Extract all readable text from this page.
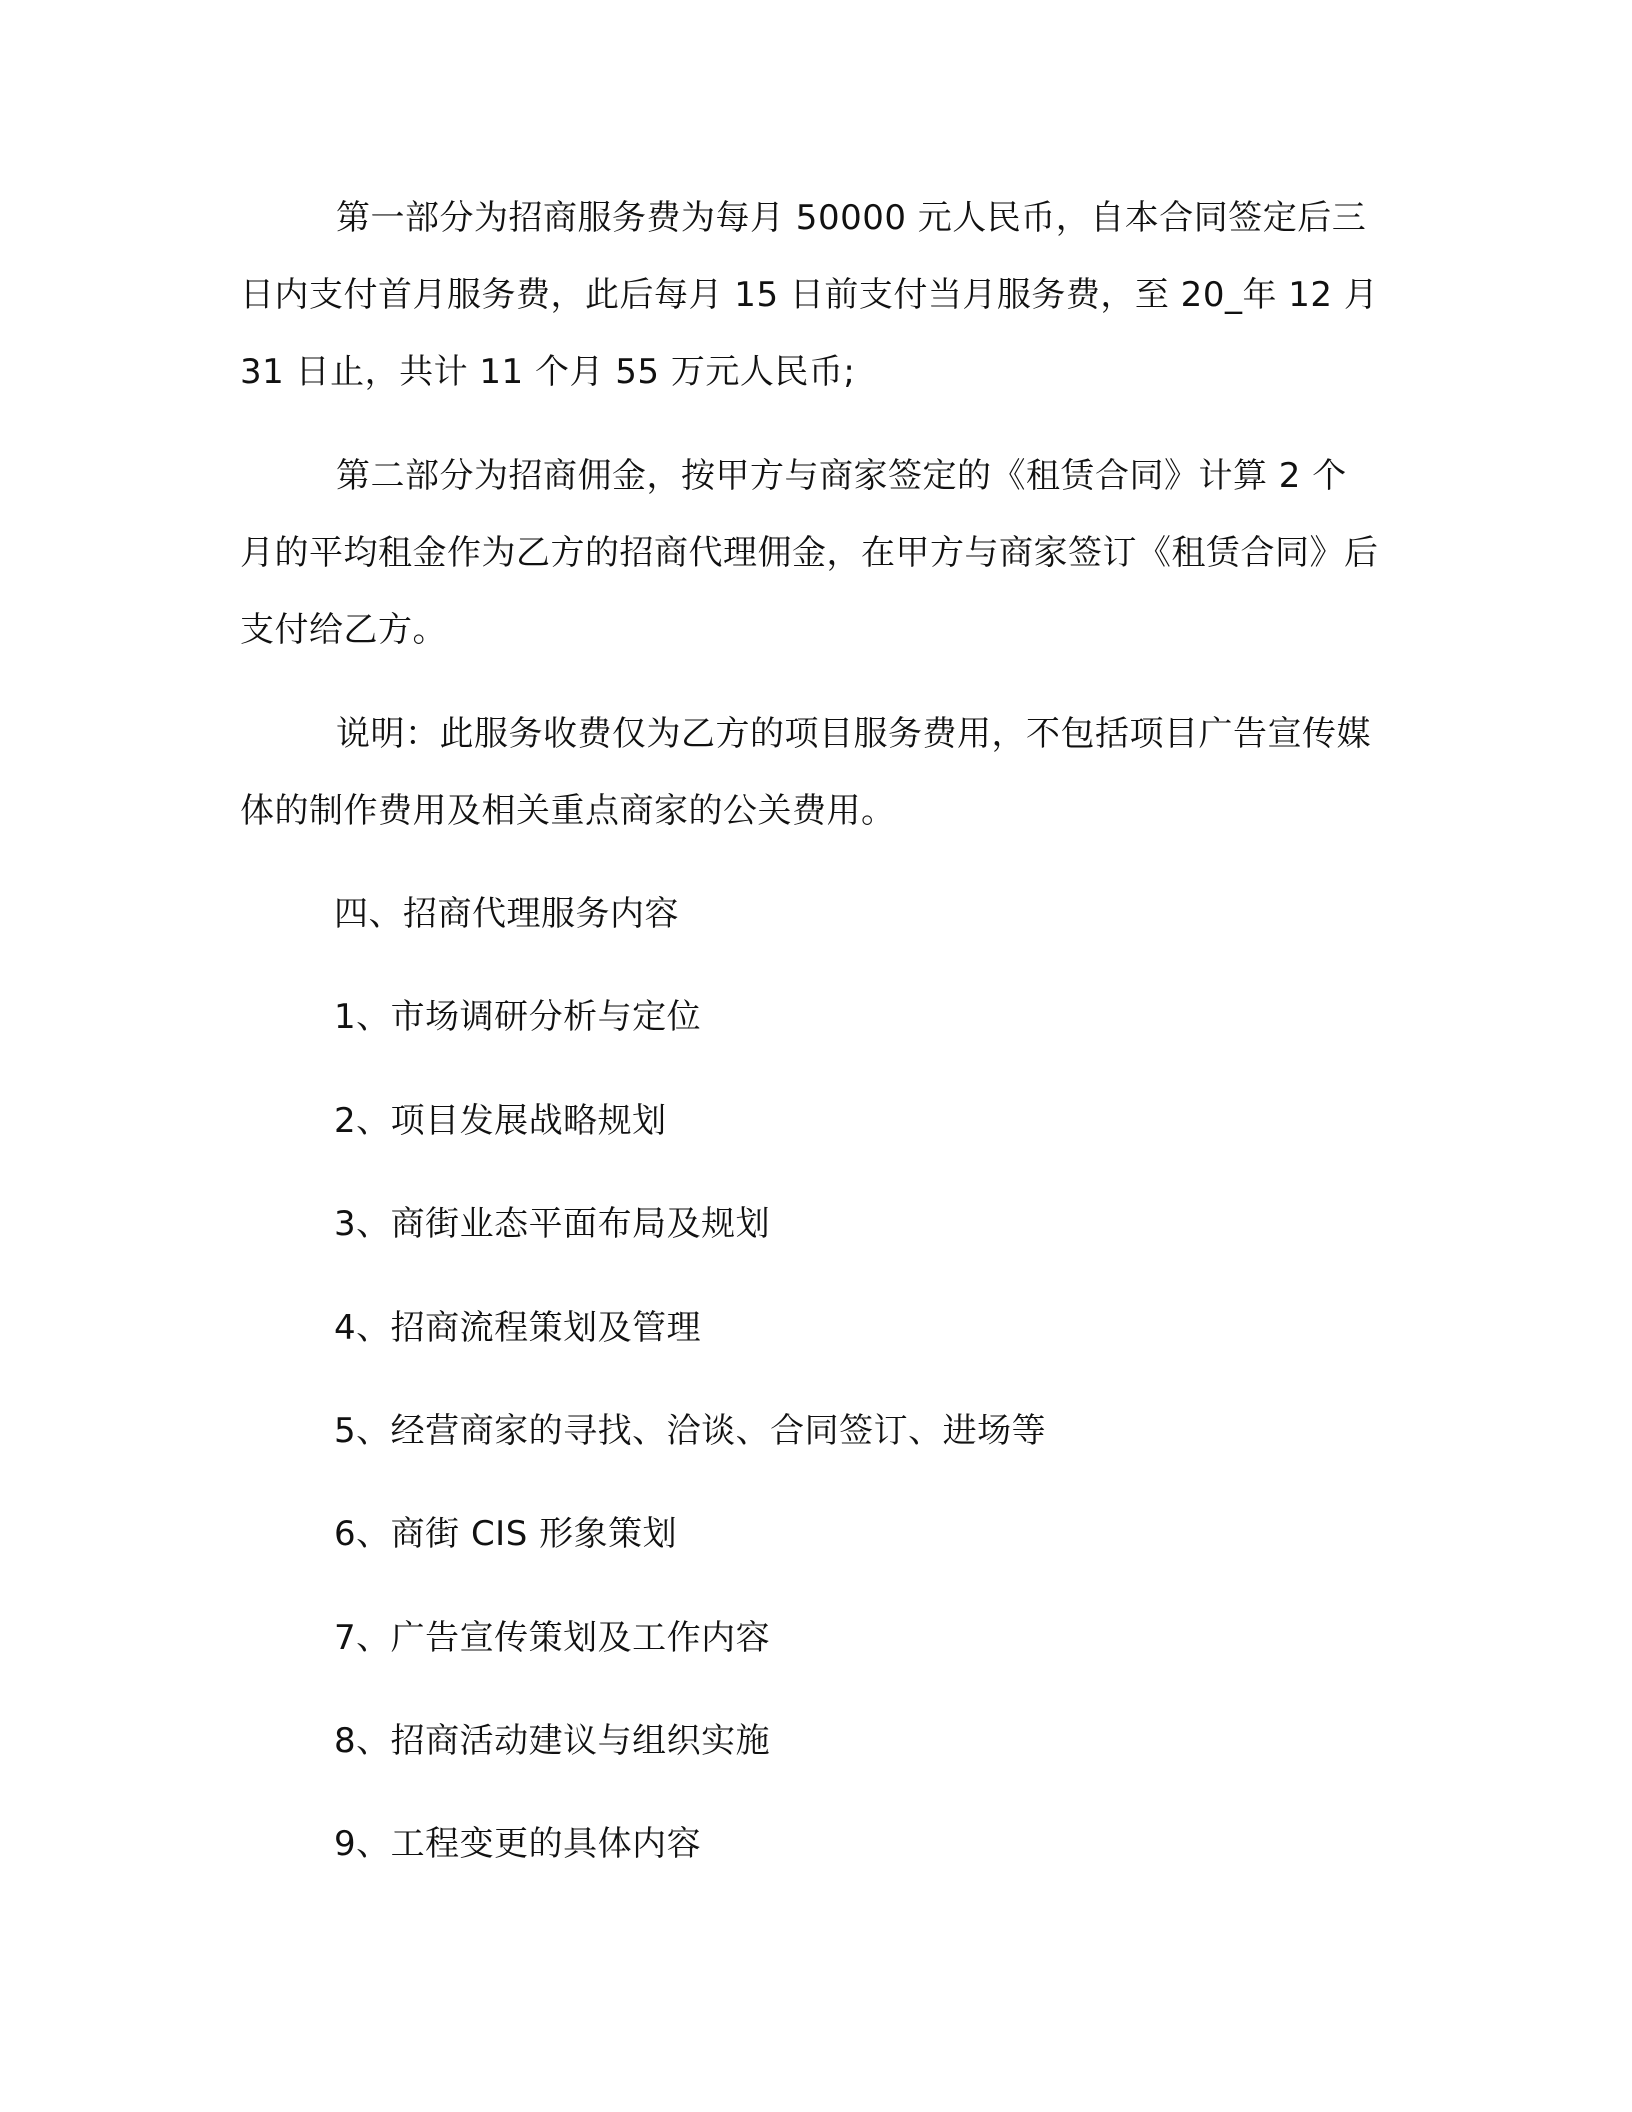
第一部分为招商服务费为每月 50000 元人民币，自本合同签定后三日内支付首月服务费，此后每月 15 日前支付当月服务费，至 20_年 12 月 31 日止，共计 11 个月 55 万元人民币;

第二部分为招商佣金，按甲方与商家签定的《租赁合同》计算 2 个月的平均租金作为乙方的招商代理佣金，在甲方与商家签订《租赁合同》后支付给乙方。

说明：此服务收费仅为乙方的项目服务费用，不包括项目广告宣传媒体的制作费用及相关重点商家的公关费用。

四、招商代理服务内容

1、市场调研分析与定位

2、项目发展战略规划

3、商街业态平面布局及规划

4、招商流程策划及管理

5、经营商家的寻找、洽谈、合同签订、进场等

6、商街 CIS 形象策划

7、广告宣传策划及工作内容

8、招商活动建议与组织实施

9、工程变更的具体内容
